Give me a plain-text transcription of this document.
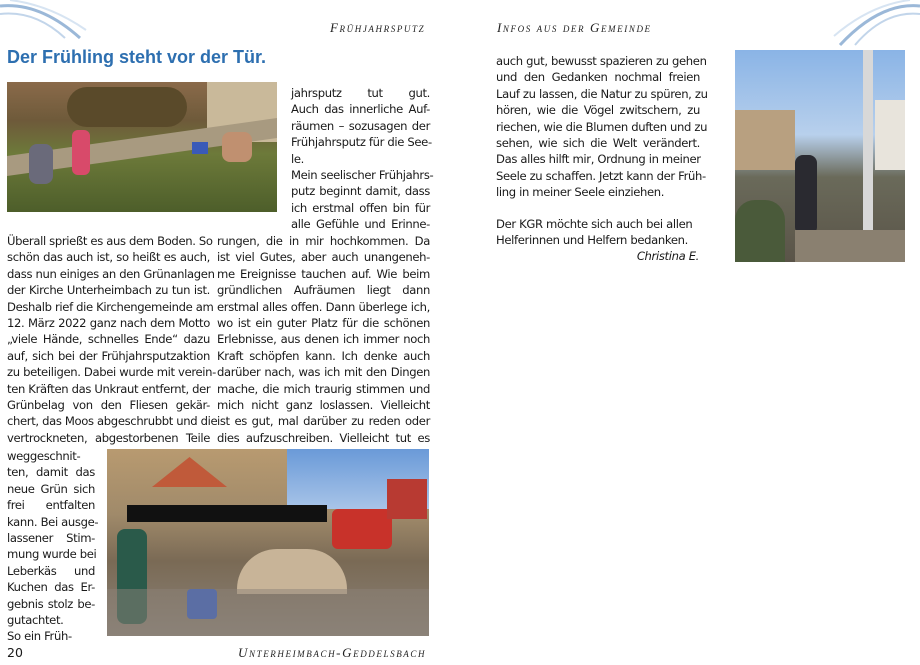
Frühjahrsputz	Infos aus der Gemeinde
Der Frühling steht vor der Tür.
Überall sprießt es aus dem Boden. So
schön das auch ist, so heißt es auch,
dass nun einiges an den Grünanlagen
der Kirche Unterheimbach zu tun ist.
Deshalb rief die Kirchengemeinde am
12. März 2022 ganz nach dem Motto
„viele Hände, schnelles Ende“ dazu
auf, sich bei der Frühjahrsputzaktion
zu beteiligen. Dabei wurde mit verein-
ten Kräften das Unkraut entfernt, der
Grünbelag von den Fliesen gekär-
chert, das Moos abgeschrubbt und die
vertrockneten, abgestorbenen Teile
weggeschnit-
ten, damit das
neue Grün sich
frei entfalten
kann. Bei ausge-
lassener Stim-
mung wurde bei
Leberkäs und
Kuchen das Er-
gebnis stolz be-
gutachtet.
So ein Früh-
jahrsputz tut gut.
Auch das innerliche Auf-
räumen – sozusagen der
Frühjahrsputz für die See-
le.
Mein seelischer Frühjahrs-
putz beginnt damit, dass
ich erstmal offen bin für
alle Gefühle und Erinne-
rungen, die in mir hochkommen. Da
ist viel Gutes, aber auch unangeneh-
me Ereignisse tauchen auf. Wie beim
gründlichen Aufräumen liegt dann
erstmal alles offen. Dann überlege ich,
wo ist ein guter Platz für die schönen
Erlebnisse, aus denen ich immer noch
Kraft schöpfen kann. Ich denke auch
darüber nach, was ich mit den Dingen
mache, die mich traurig stimmen und
mich nicht ganz loslassen. Vielleicht
ist es gut, mal darüber zu reden oder
dies aufzuschreiben. Vielleicht tut es
auch gut, bewusst spazieren zu gehen
und den Gedanken nochmal freien
Lauf zu lassen, die Natur zu spüren, zu
hören, wie die Vögel zwitschern, zu
riechen, wie die Blumen duften und zu
sehen, wie sich die Welt verändert.
Das alles hilft mir, Ordnung in meiner
Seele zu schaffen. Jetzt kann der Früh-
ling in meiner Seele einziehen.
Der KGR möchte sich auch bei allen
Helferinnen und Helfern bedanken.
Christina E.
20	Unterheimbach-Geddelsbach
